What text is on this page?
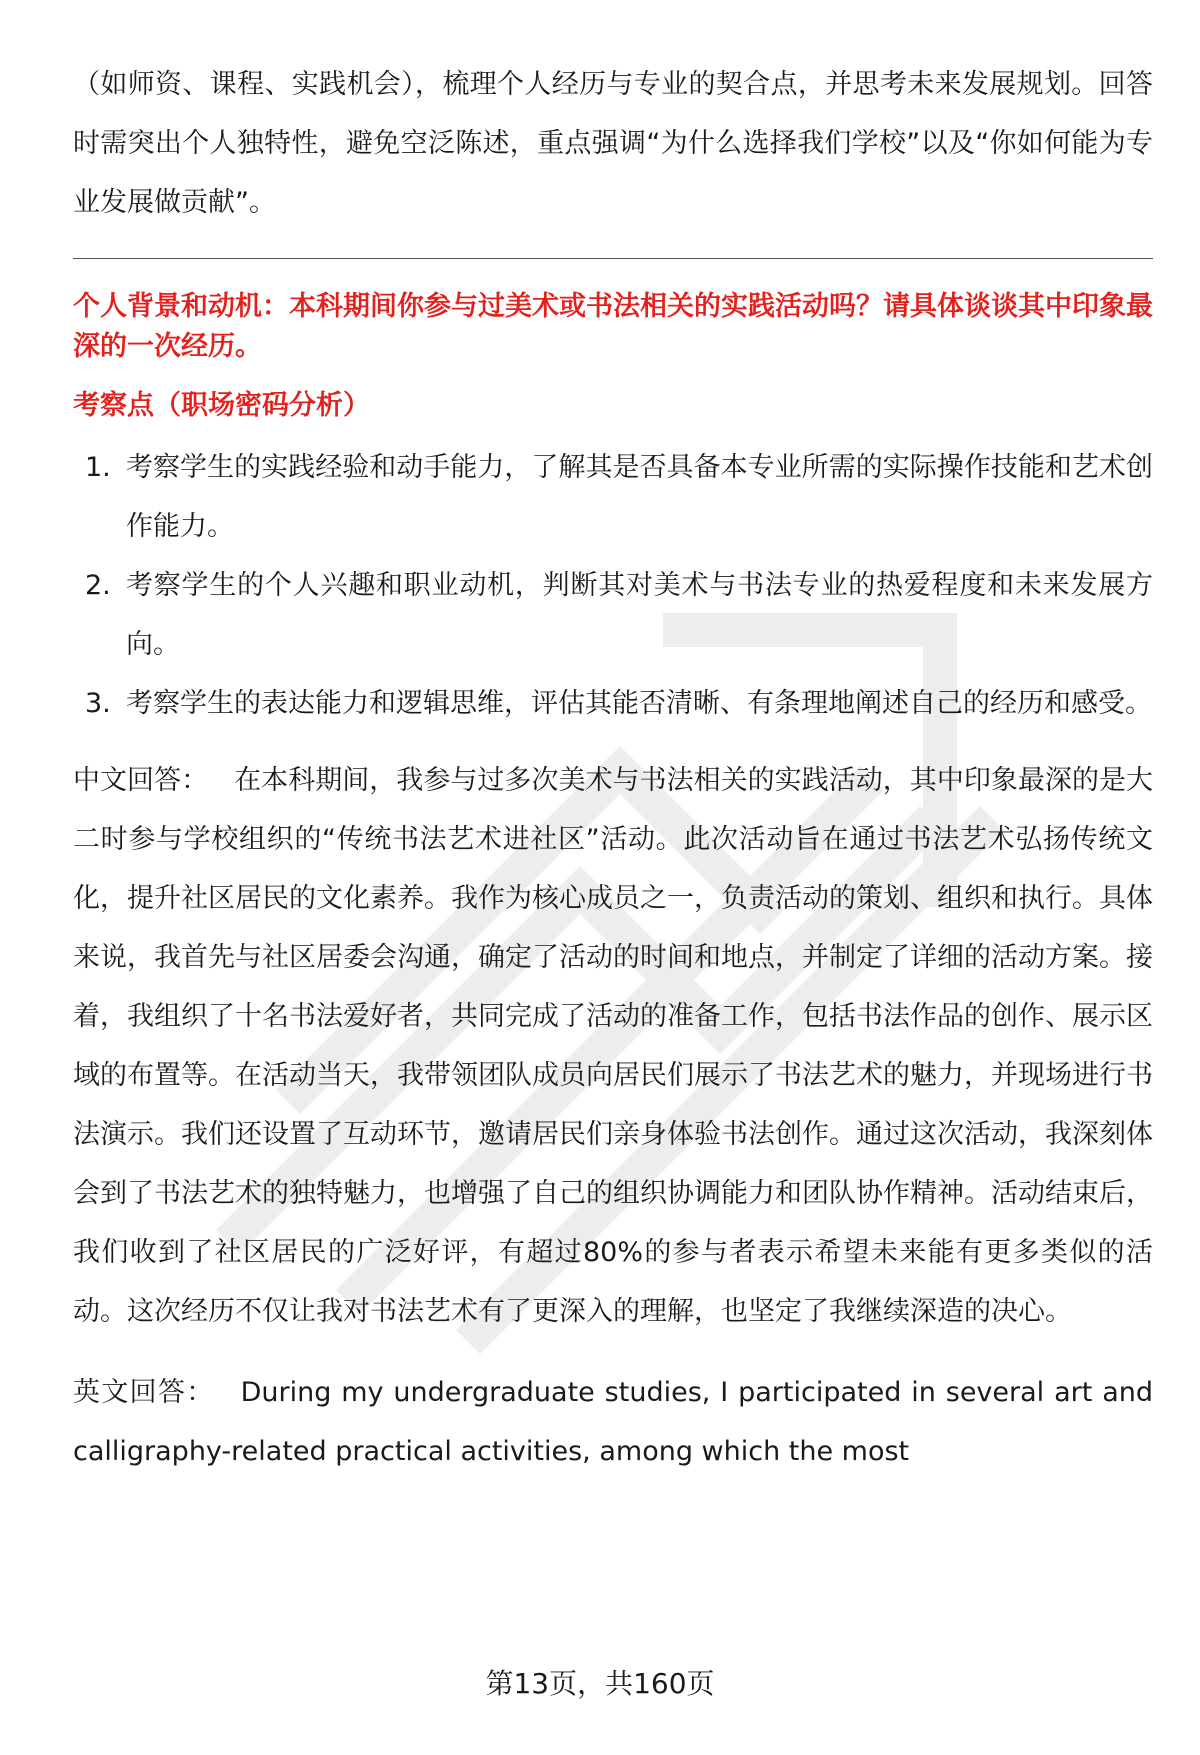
（如师资、课程、实践机会），梳理个人经历与专业的契合点，并思考未来发展规划。回答时需突出个人独特性，避免空泛陈述，重点强调“为什么选择我们学校”以及“你如何能为专业发展做贡献”。

个人背景和动机：本科期间你参与过美术或书法相关的实践活动吗？请具体谈谈其中印象最深的一次经历。

考察点（职场密码分析）

1. 考察学生的实践经验和动手能力，了解其是否具备本专业所需的实际操作技能和艺术创作能力。
2. 考察学生的个人兴趣和职业动机，判断其对美术与书法专业的热爱程度和未来发展方向。
3. 考察学生的表达能力和逻辑思维，评估其能否清晰、有条理地阐述自己的经历和感受。

中文回答： 在本科期间，我参与过多次美术与书法相关的实践活动，其中印象最深的是大二时参与学校组织的“传统书法艺术进社区”活动。此次活动旨在通过书法艺术弘扬传统文化，提升社区居民的文化素养。我作为核心成员之一，负责活动的策划、组织和执行。具体来说，我首先与社区居委会沟通，确定了活动的时间和地点，并制定了详细的活动方案。接着，我组织了十名书法爱好者，共同完成了活动的准备工作，包括书法作品的创作、展示区域的布置等。在活动当天，我带领团队成员向居民们展示了书法艺术的魅力，并现场进行书法演示。我们还设置了互动环节，邀请居民们亲身体验书法创作。通过这次活动，我深刻体会到了书法艺术的独特魅力，也增强了自己的组织协调能力和团队协作精神。活动结束后，我们收到了社区居民的广泛好评，有超过80%的参与者表示希望未来能有更多类似的活动。这次经历不仅让我对书法艺术有了更深入的理解，也坚定了我继续深造的决心。

英文回答： During my undergraduate studies, I participated in several art and calligraphy-related practical activities, among which the most

第13页，共160页
